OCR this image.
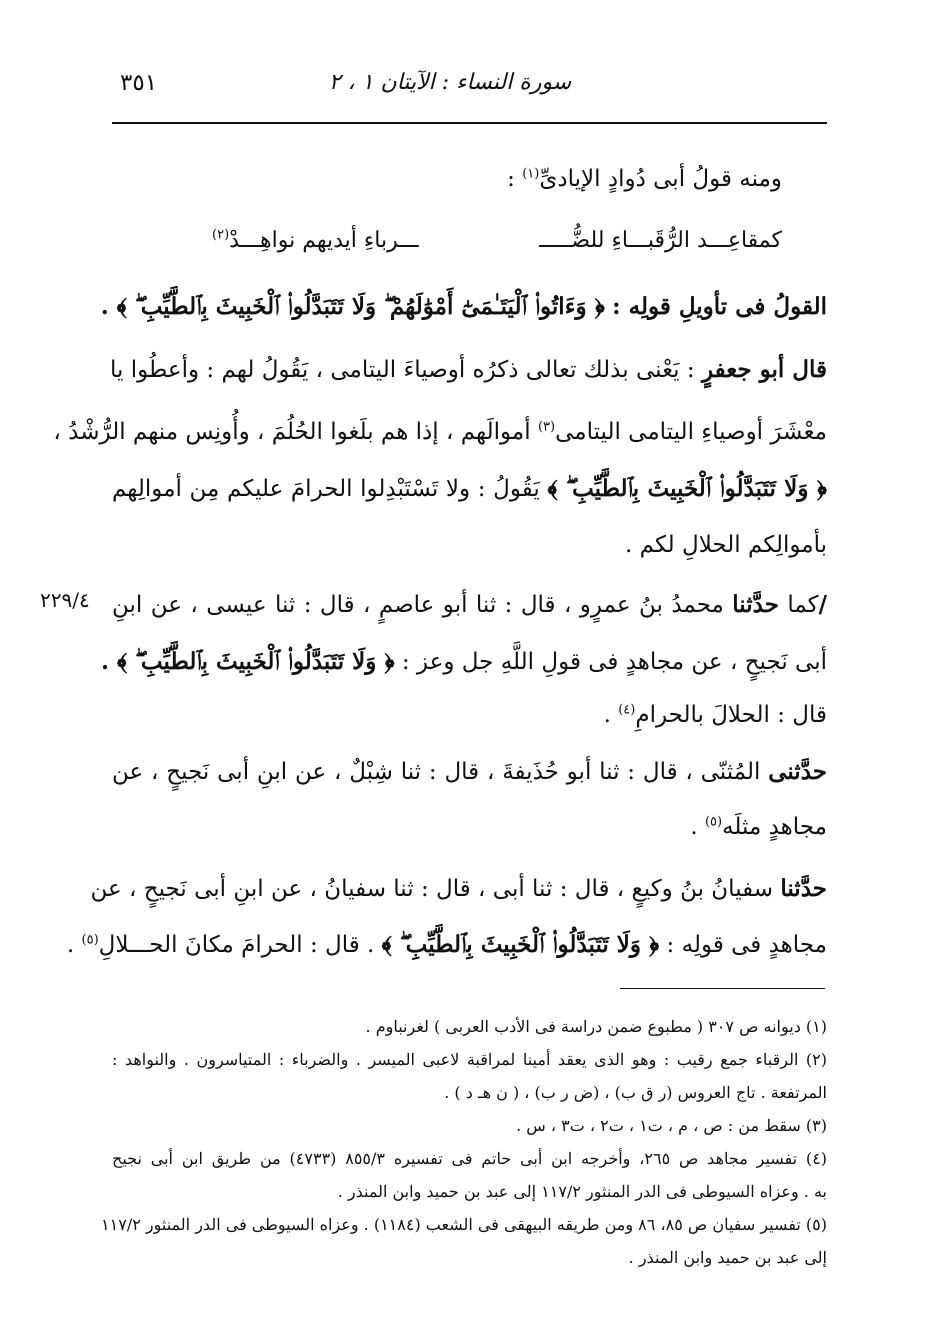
٣٥١	سورة النساء : الآيتان ١ ، ٢
٢٢٩/٤
ومنه قولُ أبى دُوادٍ الإيادىِّ$^{(١)}$ :
كمقاعِـــد الرُّقَبـــاءِ للضُّـــــ
ـــرباءِ أيديهم نواهِـــدْ$^{(٢)}$
القولُ فى تأويلِ قولِه : ﴿ وَءَاتُوا۟ ٱلْيَتَـٰمَىٰٓ أَمْوَٰلَهُمْ ۖ وَلَا تَتَبَدَّلُوا۟ ٱلْخَبِيثَ بِٱلطَّيِّبِ ۖ ﴾ .
قال أبو جعفرٍ : يَعْنى بذلك تعالى ذكرُه أوصياءَ اليتامى ، يَقُولُ لهم : وأعطُوا يا
معْشَرَ أوصياءِ اليتامى اليتامى$^{(٣)}$ أموالَهم ، إذا هم بلَغوا الحُلُمَ ، وأُونِس منهم الرُّشْدُ ،
﴿ وَلَا تَتَبَدَّلُوا۟ ٱلْخَبِيثَ بِٱلطَّيِّبِ ۖ ﴾ يَقُولُ : ولا تَسْتَبْدِلوا الحرامَ عليكم مِن أموالِهم
بأموالِكم الحلالِ لكم .
/كما حدَّثنا محمدُ بنُ عمرٍو ، قال : ثنا أبو عاصمٍ ، قال : ثنا عيسى ، عن ابنِ
أبى نَجيحٍ ، عن مجاهدٍ فى قولِ اللَّهِ جل وعز : ﴿ وَلَا تَتَبَدَّلُوا۟ ٱلْخَبِيثَ بِٱلطَّيِّبِ ۖ ﴾ .
قال : الحلالَ بالحرامِ$^{(٤)}$ .
حدَّثنى المُثنّى ، قال : ثنا أبو حُذَيفةَ ، قال : ثنا شِبْلٌ ، عن ابنِ أبى نَجيحٍ ، عن
مجاهدٍ مثلَه$^{(٥)}$ .
حدَّثنا سفيانُ بنُ وكيعٍ ، قال : ثنا أبى ، قال : ثنا سفيانُ ، عن ابنِ أبى نَجيحٍ ، عن
مجاهدٍ فى قولِه : ﴿ وَلَا تَتَبَدَّلُوا۟ ٱلْخَبِيثَ بِٱلطَّيِّبِ ۖ ﴾ . قال : الحرامَ مكانَ الحـــلالِ$^{(٥)}$ .
(١) ديوانه ص ٣٠٧ ( مطبوع ضمن دراسة فى الأدب العربى ) لغرنباوم .
(٢) الرقباء جمع رقيب : وهو الذى يعقد أمينا لمراقبة لاعبى الميسر . والضرباء : المتياسرون . والنواهد :
المرتفعة . تاج العروس (ر ق ب) ، (ض ر ب) ، ( ن هـ د ) .
(٣) سقط من : ص ، م ، ت١ ، ت٢ ، ت٣ ، س .
(٤) تفسير مجاهد ص ٢٦٥، وأخرجه ابن أبى حاتم فى تفسيره ٨٥٥/٣ (٤٧٣٣) من طريق ابن أبى نجيح
به . وعزاه السيوطى فى الدر المنثور ١١٧/٢ إلى عبد بن حميد وابن المنذر .
(٥) تفسير سفيان ص ٨٥، ٨٦ ومن طريقه البيهقى فى الشعب (١١٨٤) . وعزاه السيوطى فى الدر المنثور ١١٧/٢
إلى عبد بن حميد وابن المنذر .
